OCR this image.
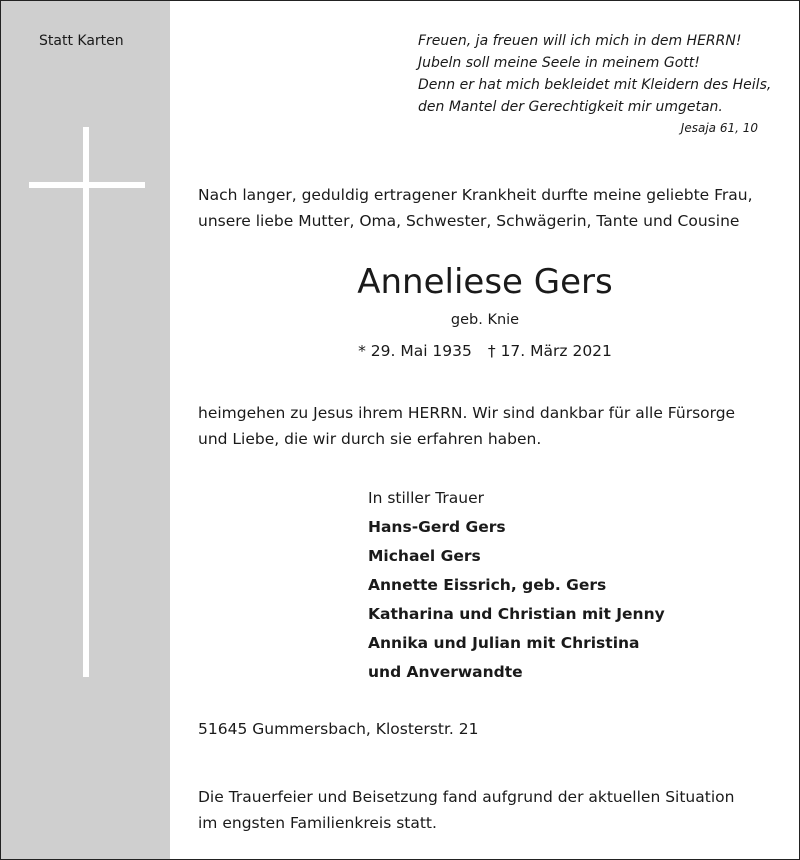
Statt Karten	Freuen, ja freuen will ich mich in dem HERRN!
Jubeln soll meine Seele in meinem Gott!
Denn er hat mich bekleidet mit Kleidern des Heils,
den Mantel der Gerechtigkeit mir umgetan.
Jesaja 61, 10
Nach langer, geduldig ertragener Krankheit durfte meine geliebte Frau,
unsere liebe Mutter, Oma, Schwester, Schwägerin, Tante und Cousine
Anneliese Gers
geb. Knie
* 29. Mai 1935 † 17. März 2021
heimgehen zu Jesus ihrem HERRN. Wir sind dankbar für alle Fürsorge
und Liebe, die wir durch sie erfahren haben.
In stiller Trauer
Hans-Gerd Gers
Michael Gers
Annette Eissrich, geb. Gers
Katharina und Christian mit Jenny
Annika und Julian mit Christina
und Anverwandte
51645 Gummersbach, Klosterstr. 21
Die Trauerfeier und Beisetzung fand aufgrund der aktuellen Situation
im engsten Familienkreis statt.
